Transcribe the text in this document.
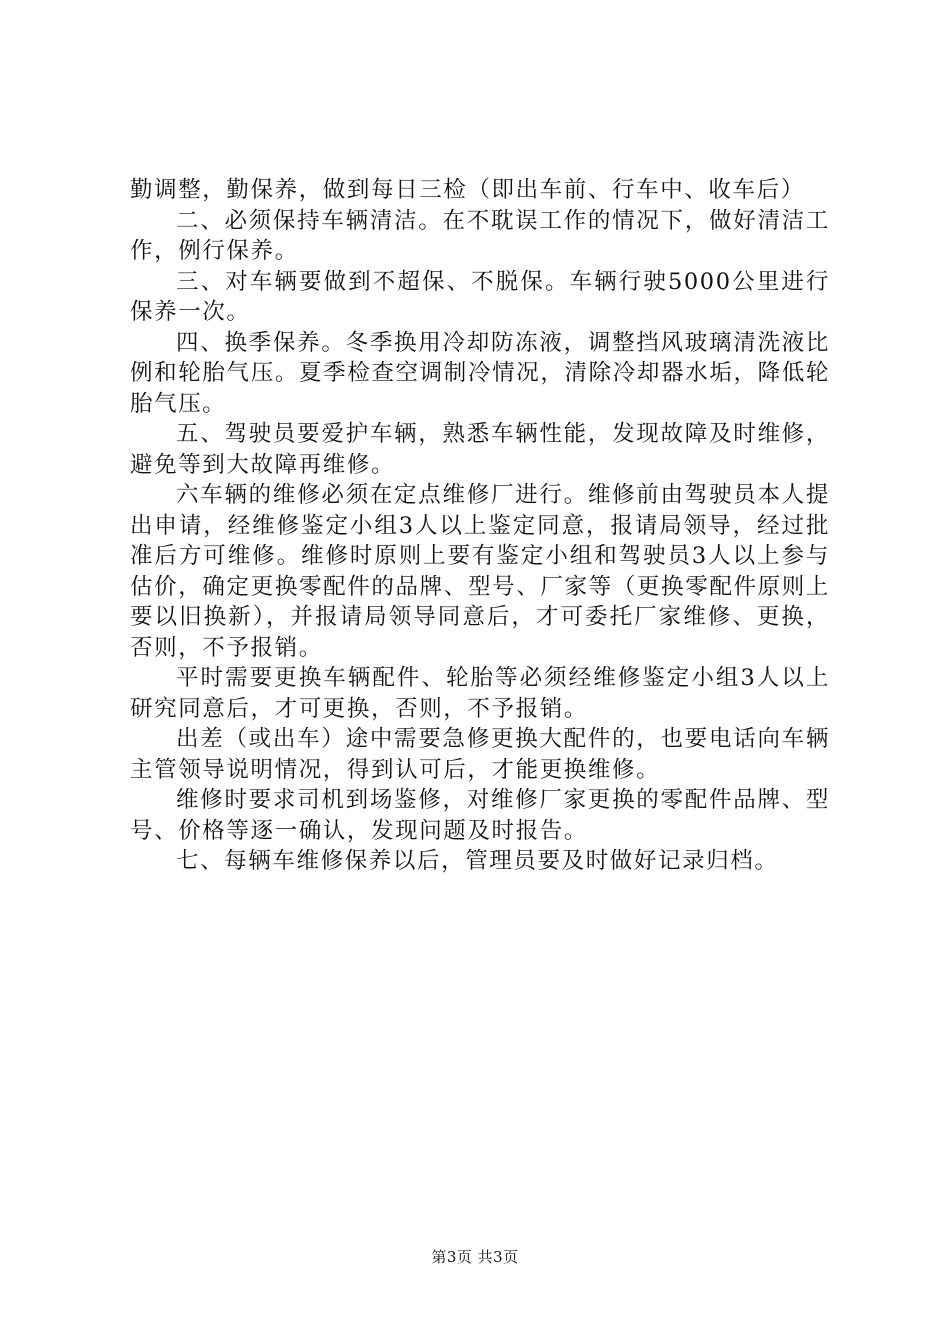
勤调整，勤保养，做到每日三检（即出车前、行车中、收车后）

二、必须保持车辆清洁。在不耽误工作的情况下，做好清洁工作，例行保养。

三、对车辆要做到不超保、不脱保。车辆行驶5000公里进行保养一次。

四、换季保养。冬季换用冷却防冻液，调整挡风玻璃清洗液比例和轮胎气压。夏季检查空调制冷情况，清除冷却器水垢，降低轮胎气压。

五、驾驶员要爱护车辆，熟悉车辆性能，发现故障及时维修，避免等到大故障再维修。

六车辆的维修必须在定点维修厂进行。维修前由驾驶员本人提出申请，经维修鉴定小组3人以上鉴定同意，报请局领导，经过批准后方可维修。维修时原则上要有鉴定小组和驾驶员3人以上参与估价，确定更换零配件的品牌、型号、厂家等（更换零配件原则上要以旧换新），并报请局领导同意后，才可委托厂家维修、更换，否则，不予报销。

平时需要更换车辆配件、轮胎等必须经维修鉴定小组3人以上研究同意后，才可更换，否则，不予报销。

出差（或出车）途中需要急修更换大配件的，也要电话向车辆主管领导说明情况，得到认可后，才能更换维修。

维修时要求司机到场鉴修，对维修厂家更换的零配件品牌、型号、价格等逐一确认，发现问题及时报告。

七、每辆车维修保养以后，管理员要及时做好记录归档。

第3页 共3页
